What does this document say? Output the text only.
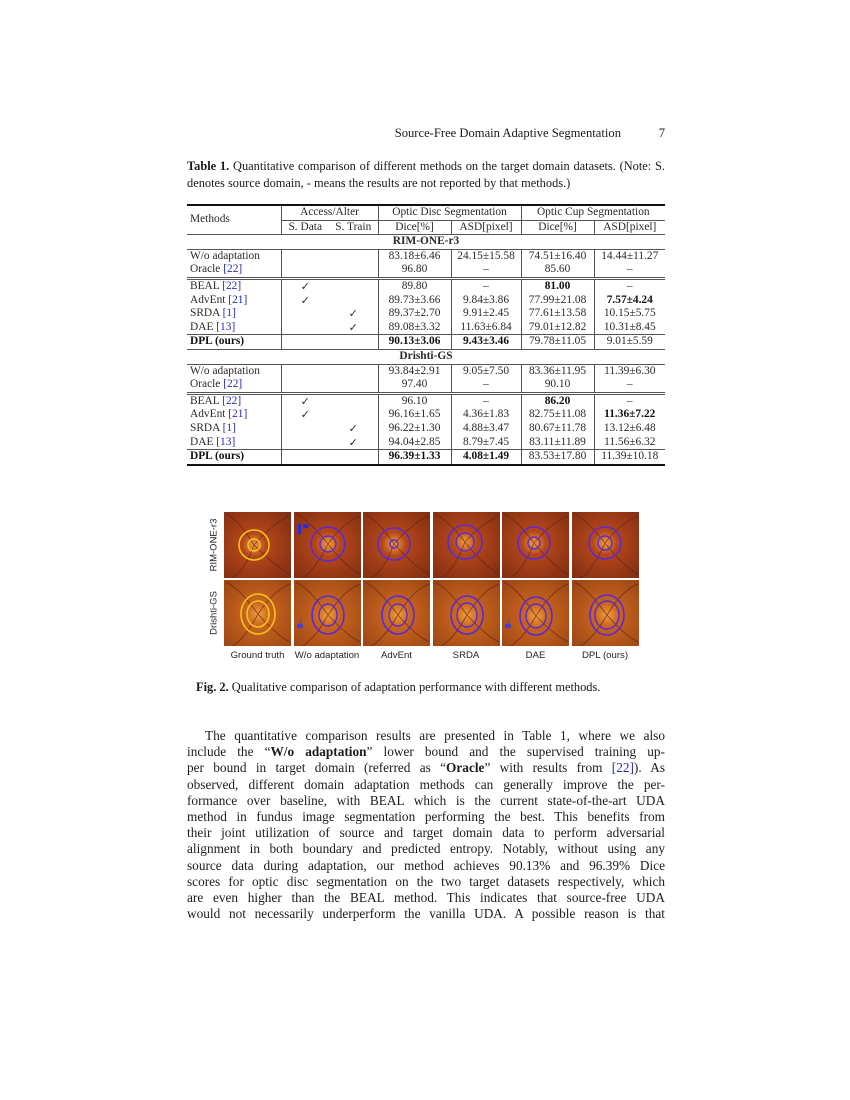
Source-Free Domain Adaptive Segmentation	7
Table 1. Quantitative comparison of different methods on the target domain datasets. (Note: S. denotes source domain, - means the results are not reported by that methods.)
Methods	Access/Alter		Optic Disc Segmentation		Optic Cup Segmentation	
	S. Data	S. Train	Dice[%]	ASD[pixel]	Dice[%]	ASD[pixel]
RIM-ONE-r3						
W/o adaptation			83.18±6.46	24.15±15.58	74.51±16.40	14.44±11.27
Oracle [22]			96.80	–	85.60	–
BEAL [22]	✓		89.80	–	81.00	–
AdvEnt [21]	✓		89.73±3.66	9.84±3.86	77.99±21.08	7.57±4.24
SRDA [1]		✓	89.37±2.70	9.91±2.45	77.61±13.58	10.15±5.75
DAE [13]		✓	89.08±3.32	11.63±6.84	79.01±12.82	10.31±8.45
DPL (ours)			90.13±3.06	9.43±3.46	79.78±11.05	9.01±5.59
Drishti-GS						
W/o adaptation			93.84±2.91	9.05±7.50	83.36±11.95	11.39±6.30
Oracle [22]			97.40	–	90.10	–
BEAL [22]	✓		96.10	–	86.20	–
AdvEnt [21]	✓		96.16±1.65	4.36±1.83	82.75±11.08	11.36±7.22
SRDA [1]		✓	96.22±1.30	4.88±3.47	80.67±11.78	13.12±6.48
DAE [13]		✓	94.04±2.85	8.79±7.45	83.11±11.89	11.56±6.32
DPL (ours)			96.39±1.33	4.08±1.49	83.53±17.80	11.39±10.18
RIM-ONE-r3
Drishti-GS
Ground truth	W/o adaptation	AdvEnt	SRDA	DAE	DPL (ours)
Fig. 2. Qualitative comparison of adaptation performance with different methods.
The quantitative comparison results are presented in Table 1, where we also
include the “W/o adaptation” lower bound and the supervised training up-
per bound in target domain (referred as “Oracle” with results from [22]). As
observed, different domain adaptation methods can generally improve the per-
formance over baseline, with BEAL which is the current state-of-the-art UDA
method in fundus image segmentation performing the best. This benefits from
their joint utilization of source and target domain data to perform adversarial
alignment in both boundary and predicted entropy. Notably, without using any
source data during adaptation, our method achieves 90.13% and 96.39% Dice
scores for optic disc segmentation on the two target datasets respectively, which
are even higher than the BEAL method. This indicates that source-free UDA
would not necessarily underperform the vanilla UDA. A possible reason is that
